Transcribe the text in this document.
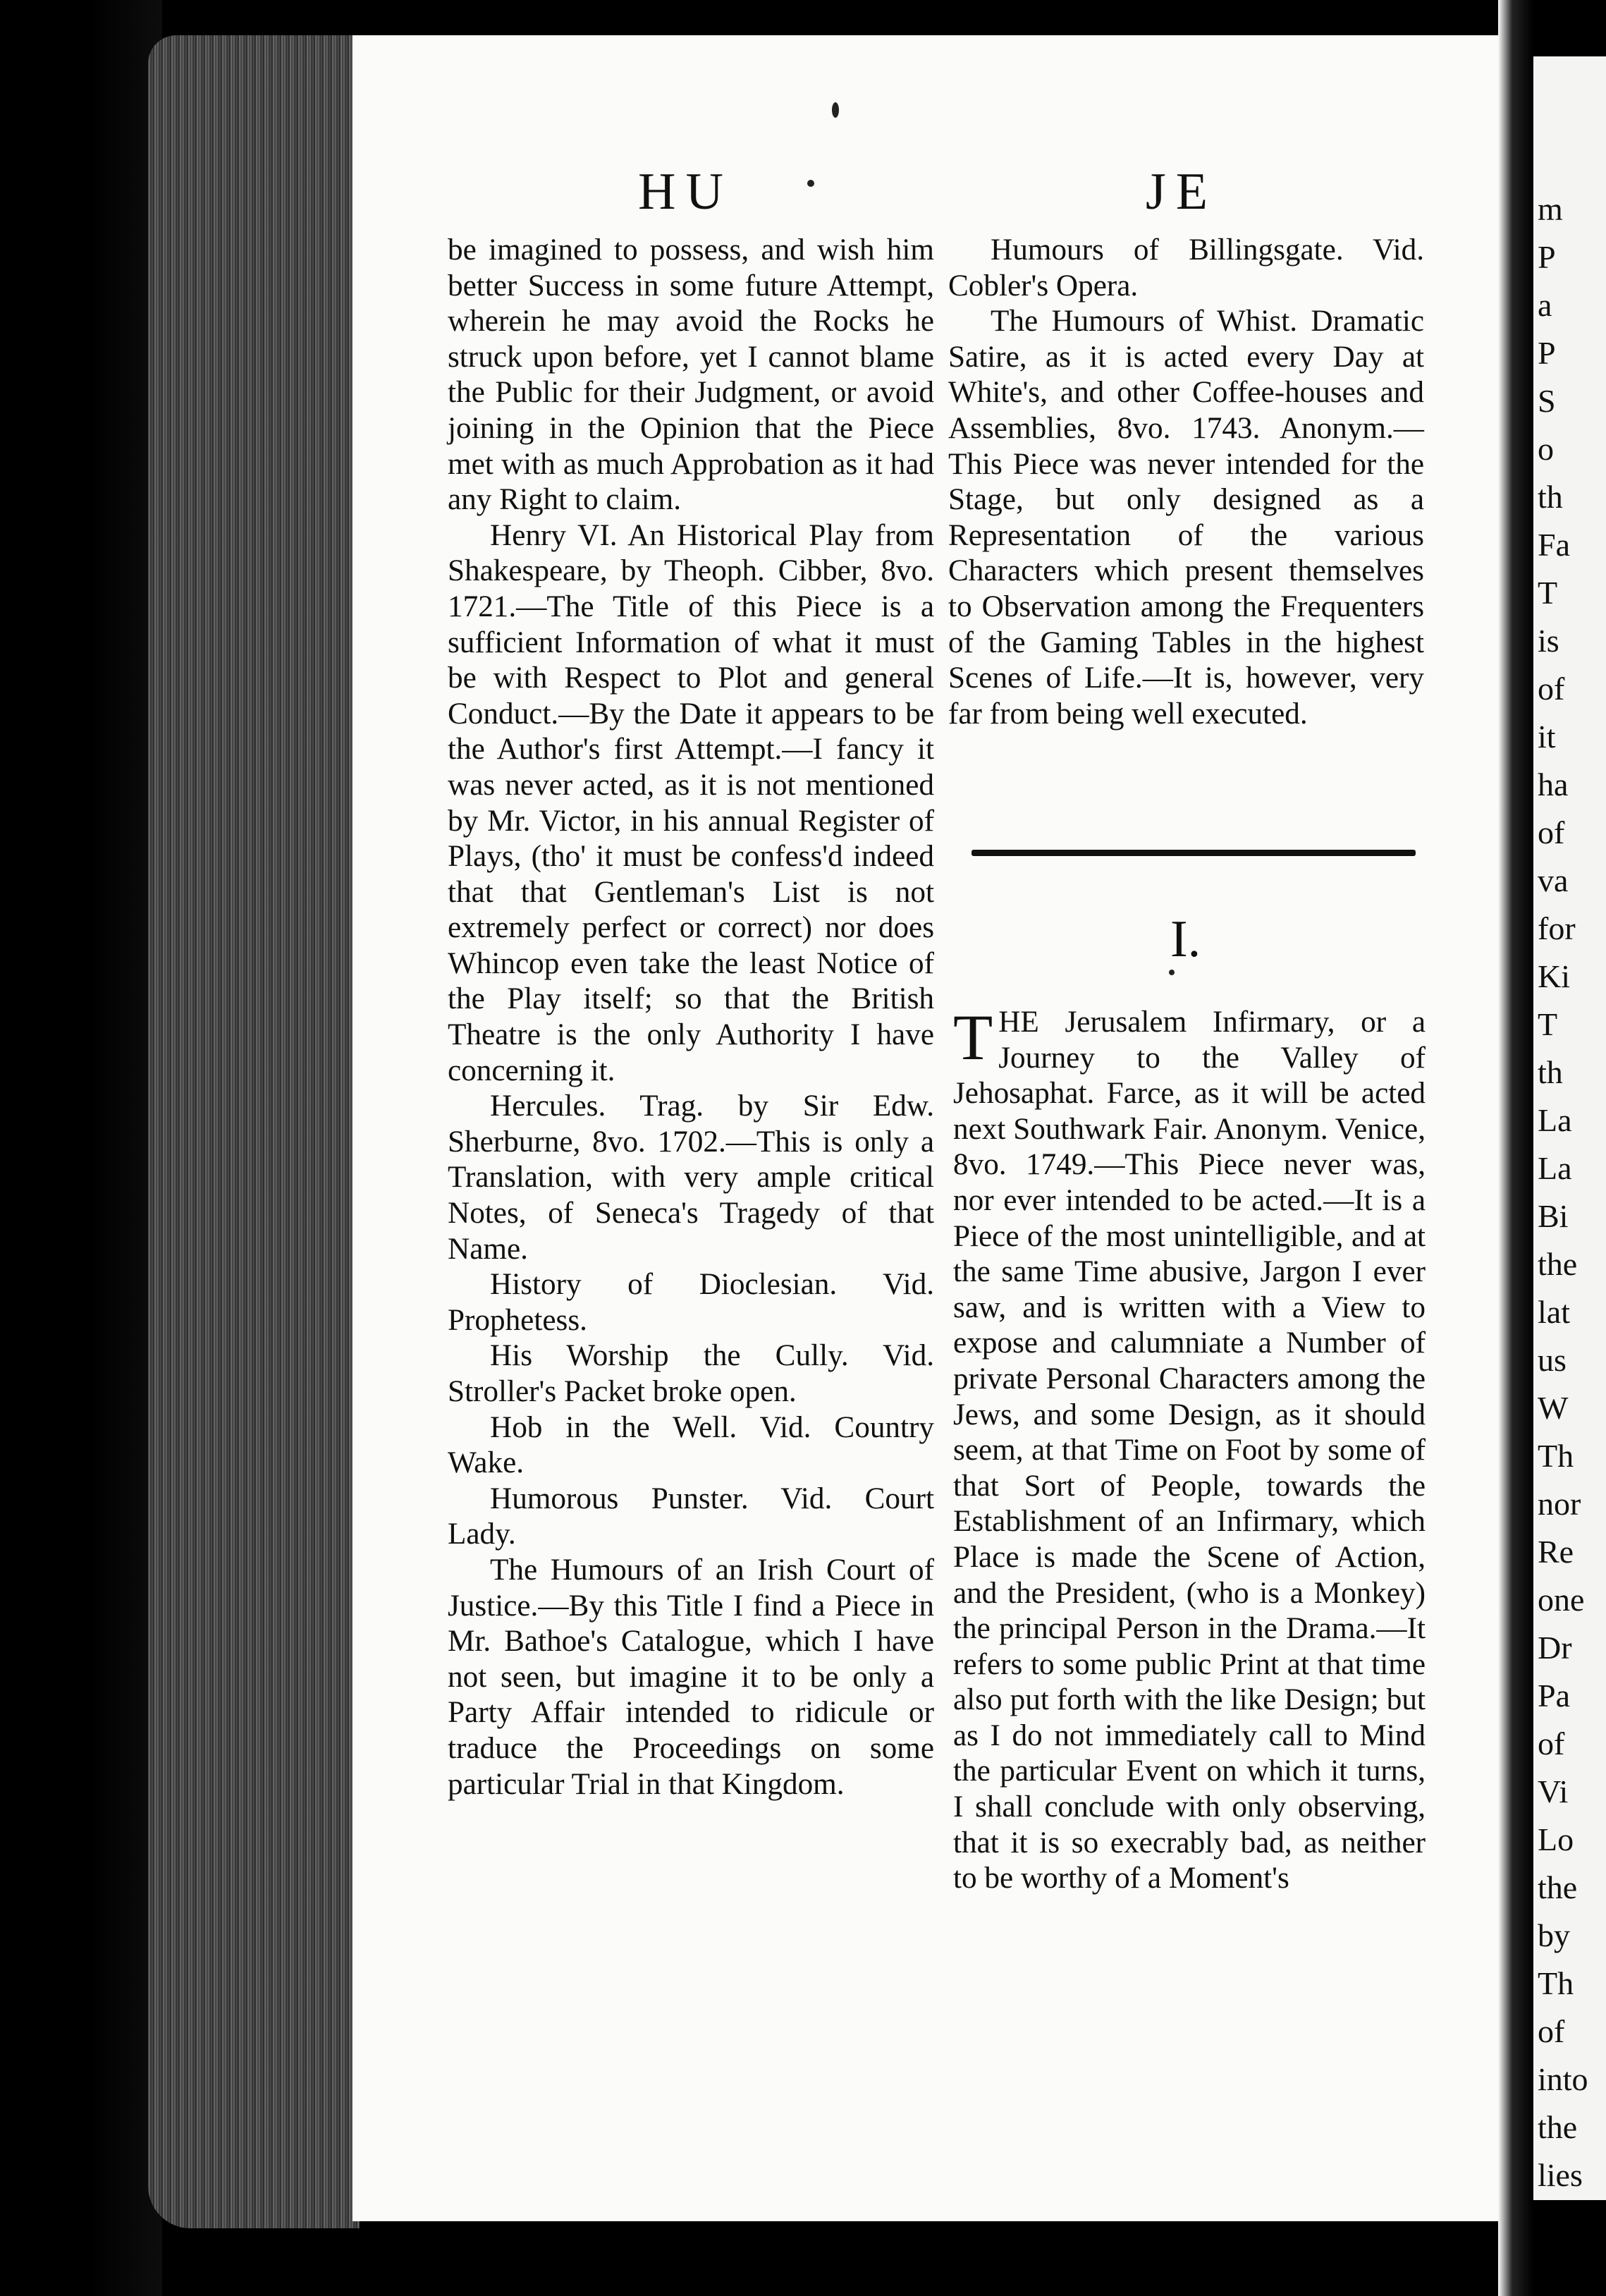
m
P
a
P
S
o
th
Fa
T
is
of
it
ha
of
va
for
Ki
T
th
La
La
Bi
the
lat
us
W
Th
nor
Re
one
Dr
Pa
of
Vi
Lo
the
by
Th
of
into
the
lies
HU	JE

be imagined to possess, and wish him better Success in some future Attempt, wherein he may avoid the Rocks he struck upon before, yet I cannot blame the Public for their Judgment, or avoid joining in the Opinion that the Piece met with as much Approbation as it had any Right to claim.

Henry VI. An Historical Play from Shakespeare, by Theoph. Cibber, 8vo. 1721.—The Title of this Piece is a sufficient Information of what it must be with Respect to Plot and general Conduct.—By the Date it appears to be the Author's first Attempt.—I fancy it was never acted, as it is not mentioned by Mr. Victor, in his annual Register of Plays, (tho' it must be confess'd indeed that that Gentleman's List is not extremely perfect or correct) nor does Whincop even take the least Notice of the Play itself; so that the British Theatre is the only Authority I have concerning it.

Hercules. Trag. by Sir Edw. Sherburne, 8vo. 1702.—This is only a Translation, with very ample critical Notes, of Seneca's Tragedy of that Name.

History of Dioclesian. Vid. Prophetess.

His Worship the Cully. Vid. Stroller's Packet broke open.

Hob in the Well. Vid. Country Wake.

Humorous Punster. Vid. Court Lady.

The Humours of an Irish Court of Justice.—By this Title I find a Piece in Mr. Bathoe's Catalogue, which I have not seen, but imagine it to be only a Party Affair intended to ridicule or traduce the Proceedings on some particular Trial in that Kingdom.

Humours of Billingsgate. Vid. Cobler's Opera.

The Humours of Whist. Dramatic Satire, as it is acted every Day at White's, and other Coffee-houses and Assemblies, 8vo. 1743. Anonym.—This Piece was never intended for the Stage, but only designed as a Representation of the various Characters which present themselves to Observation among the Frequenters of the Gaming Tables in the highest Scenes of Life.—It is, however, very far from being well executed.

I.

THE Jerusalem Infirmary, or a Journey to the Valley of Jehosaphat. Farce, as it will be acted next Southwark Fair. Anonym. Venice, 8vo. 1749.—This Piece never was, nor ever intended to be acted.—It is a Piece of the most unintelligible, and at the same Time abusive, Jargon I ever saw, and is written with a View to expose and calumniate a Number of private Personal Characters among the Jews, and some Design, as it should seem, at that Time on Foot by some of that Sort of People, towards the Establishment of an Infirmary, which Place is made the Scene of Action, and the President, (who is a Monkey) the principal Person in the Drama.—It refers to some public Print at that time also put forth with the like Design; but as I do not immediately call to Mind the particular Event on which it turns, I shall conclude with only observing, that it is so execrably bad, as neither to be worthy of a Moment's
